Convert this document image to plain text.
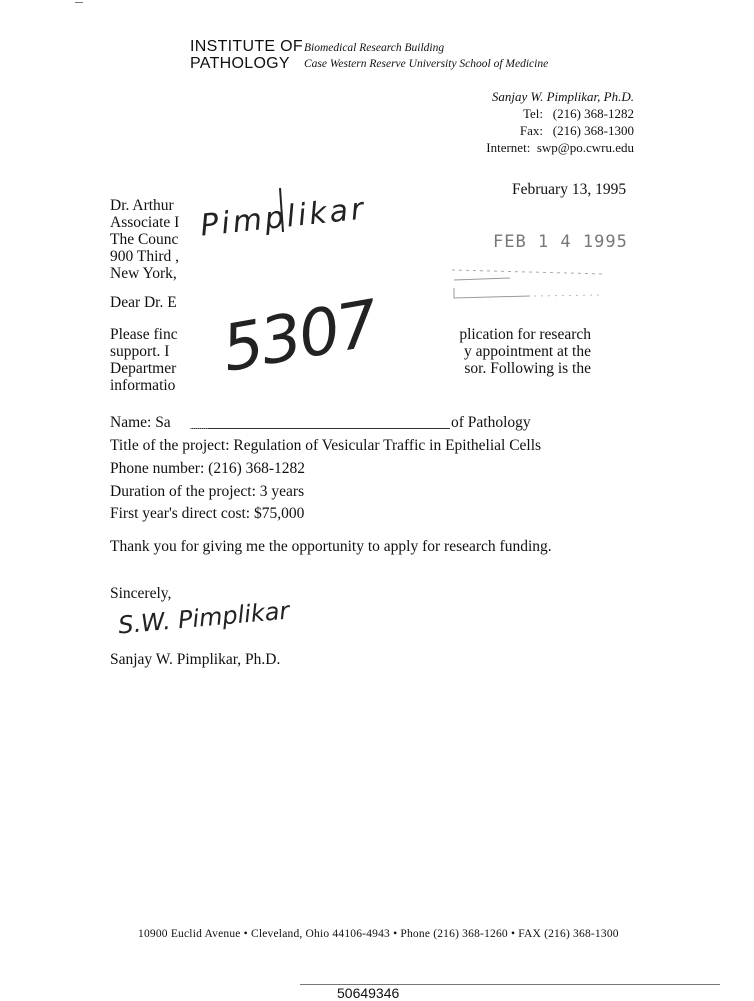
INSTITUTE OF
PATHOLOGY
Biomedical Research Building
Case Western Reserve University School of Medicine
Sanjay W. Pimplikar, Ph.D.
Tel: (216) 368-1282
Fax: (216) 368-1300
Internet: swp@po.cwru.edu
February 13, 1995
Dr. Arthur
Associate I
The Counc
900 Third ,
New York,
Dear Dr. E
Please finc
support. I
Departmer
informatio
plication for research
y appointment at the
sor. Following is the
Name: Sa	of Pathology
Title of the project: Regulation of Vesicular Traffic in Epithelial Cells
Phone number: (216) 368-1282
Duration of the project: 3 years
First year's direct cost: $75,000
Thank you for giving me the opportunity to apply for research funding.
Sincerely,
Sanjay W. Pimplikar, Ph.D.
Pimplikar
5307
FEB 1 4 1995
S.W. Pimplikar
10900 Euclid Avenue • Cleveland, Ohio 44106-4943 • Phone (216) 368-1260 • FAX (216) 368-1300
50649346
